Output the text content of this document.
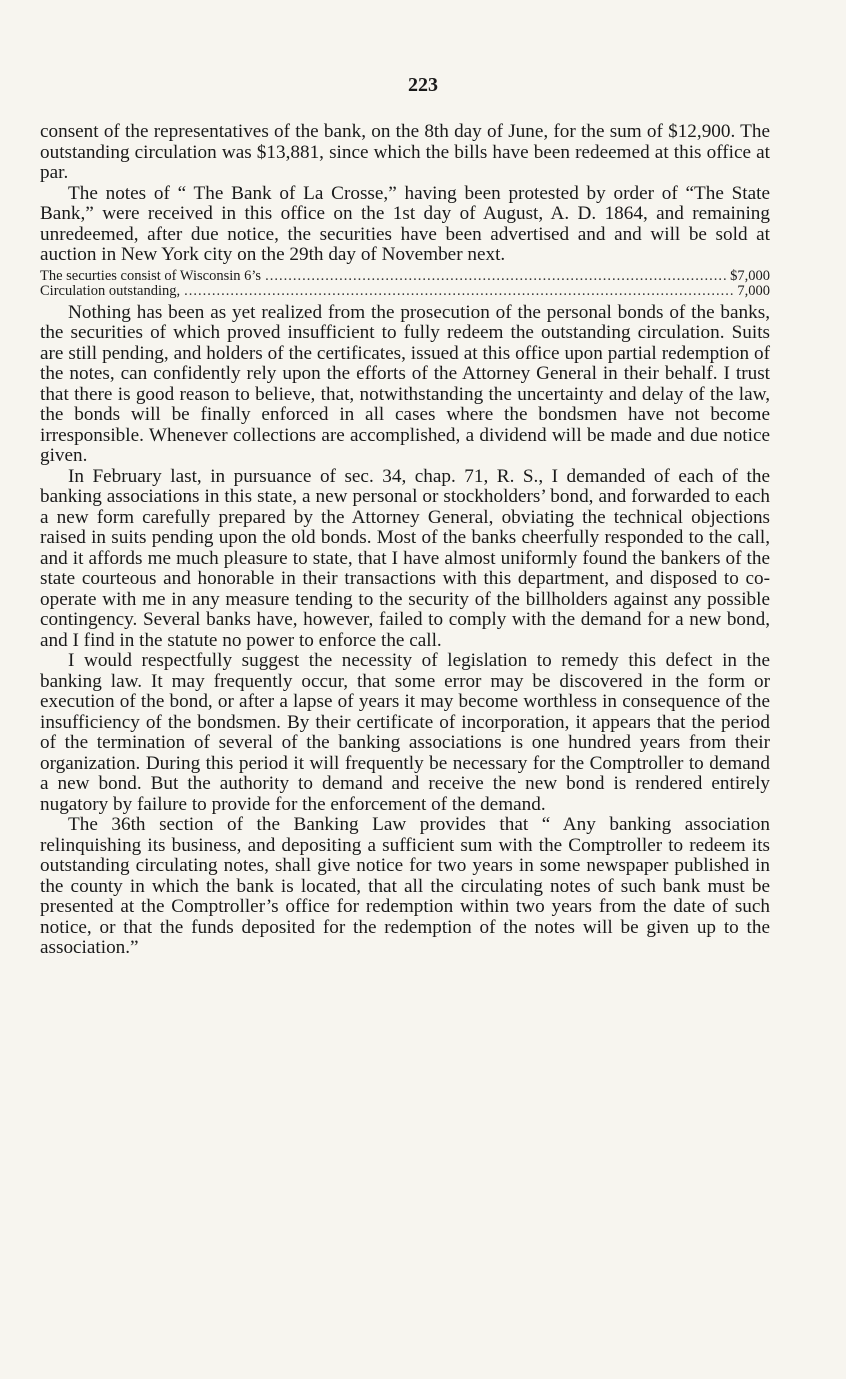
223

consent of the representatives of the bank, on the 8th day of June, for the sum of $12,900. The outstanding circulation was $13,881, since which the bills have been redeemed at this office at par.

The notes of “ The Bank of La Crosse,” having been protested by order of “The State Bank,” were received in this office on the 1st day of August, A. D. 1864, and remaining unredeemed, after due notice, the securities have been advertised and and will be sold at auction in New York city on the 29th day of November next.

The securties consist of Wisconsin 6’s .....	$7,000
Circulation outstanding, .....	7,000

Nothing has been as yet realized from the prosecution of the personal bonds of the banks, the securities of which proved insufficient to fully redeem the outstanding circulation. Suits are still pending, and holders of the certificates, issued at this office upon partial redemption of the notes, can confidently rely upon the efforts of the Attorney General in their behalf. I trust that there is good reason to believe, that, notwithstanding the uncertainty and delay of the law, the bonds will be finally enforced in all cases where the bondsmen have not become irresponsible. Whenever collections are accomplished, a dividend will be made and due notice given.

In February last, in pursuance of sec. 34, chap. 71, R. S., I demanded of each of the banking associations in this state, a new personal or stockholders’ bond, and forwarded to each a new form carefully prepared by the Attorney General, obviating the technical objections raised in suits pending upon the old bonds. Most of the banks cheerfully responded to the call, and it affords me much pleasure to state, that I have almost uniformly found the bankers of the state courteous and honorable in their transactions with this department, and disposed to co-operate with me in any measure tending to the security of the billholders against any possible contingency. Several banks have, however, failed to comply with the demand for a new bond, and I find in the statute no power to enforce the call.

I would respectfully suggest the necessity of legislation to remedy this defect in the banking law. It may frequently occur, that some error may be discovered in the form or execution of the bond, or after a lapse of years it may become worthless in consequence of the insufficiency of the bondsmen. By their certificate of incorporation, it appears that the period of the termination of several of the banking associations is one hundred years from their organization. During this period it will frequently be necessary for the Comptroller to demand a new bond. But the authority to demand and receive the new bond is rendered entirely nugatory by failure to provide for the enforcement of the demand.

The 36th section of the Banking Law provides that “ Any banking association relinquishing its business, and depositing a sufficient sum with the Comptroller to redeem its outstanding circulating notes, shall give notice for two years in some newspaper published in the county in which the bank is located, that all the circulating notes of such bank must be presented at the Comptroller’s office for redemption within two years from the date of such notice, or that the funds deposited for the redemption of the notes will be given up to the association.”
